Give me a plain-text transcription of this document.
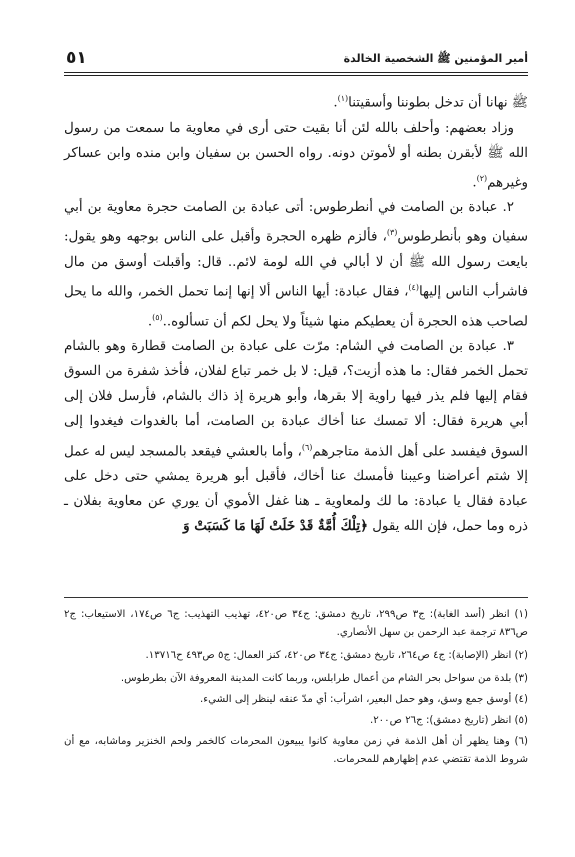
أمير المؤمنين ﷺ الشخصية الخالدة
٥١

ﷺ نهانا أن تدخل بطوننا وأسقيتنا$^{(١)}$.

وزاد بعضهم: وأحلف بالله لئن أنا بقيت حتى أرى في معاوية ما سمعت من رسول الله ﷺ لأبقرن بطنه أو لأموتن دونه. رواه الحسن بن سفيان وابن منده وابن عساكر وغيرهم$^{(٢)}$.

٢. عبادة بن الصامت في أنطرطوس: أتى عبادة بن الصامت حجرة معاوية بن أبي سفيان وهو بأنطرطوس$^{(٣)}$، فألزم ظهره الحجرة وأقبل على الناس بوجهه وهو يقول: بايعت رسول الله ﷺ أن لا أبالي في الله لومة لائم.. قال: وأقبلت أوسق من مال فاشرأب الناس إليها$^{(٤)}$، فقال عبادة: أيها الناس ألا إنها إنما تحمل الخمر، والله ما يحل لصاحب هذه الحجرة أن يعطيكم منها شيئاً ولا يحل لكم أن تسألوه..$^{(٥)}$.

٣. عبادة بن الصامت في الشام: مرّت على عبادة بن الصامت قطارة وهو بالشام تحمل الخمر فقال: ما هذه أزيت؟، قيل: لا بل خمر تباع لفلان، فأخذ شفرة من السوق فقام إليها فلم يذر فيها راوية إلا بقرها، وأبو هريرة إذ ذاك بالشام، فأرسل فلان إلى أبي هريرة فقال: ألا تمسك عنا أخاك عبادة بن الصامت، أما بالغدوات فيغدوا إلى السوق فيفسد على أهل الذمة متاجرهم$^{(٦)}$، وأما بالعشي فيقعد بالمسجد ليس له عمل إلا شتم أعراضنا وعيبنا فأمسك عنا أخاك، فأقبل أبو هريرة يمشي حتى دخل على عبادة فقال يا عبادة: ما لك ولمعاوية ـ هنا غفل الأموي أن يوري عن معاوية بفلان ـ ذره وما حمل، فإن الله يقول ﴿تِلْكَ أُمَّةٌ قَدْ خَلَتْ لَهَا مَا كَسَبَتْ وَ

(١) انظر (أسد الغابة): ج٣ ص٢٩٩، تاريخ دمشق: ج٣٤ ص٤٢٠، تهذيب التهذيب: ج٦ ص١٧٤، الاستيعاب: ج٢ ص٨٣٦ ترجمة عبد الرحمن بن سهل الأنصاري.

(٢) انظر (الإصابة): ج٤ ص٢٦٤، تاريخ دمشق: ج٣٤ ص٤٢٠، كنز العمال: ج٥ ص٤٩٣ ح١٣٧١٦.

(٣) بلدة من سواحل بحر الشام من أعمال طرابلس، وربما كانت المدينة المعروفة الآن بطرطوس.

(٤) أوسق جمع وسق، وهو حمل البعير، اشرأب: أي مدّ عنقه لينظر إلى الشيء.

(٥) انظر (تاريخ دمشق): ج٢٦ ص٢٠٠.

(٦) وهنا يظهر أن أهل الذمة في زمن معاوية كانوا يبيعون المحرمات كالخمر ولحم الخنزير وماشابه، مع أن شروط الذمة تقتضي عدم إظهارهم للمحرمات.
